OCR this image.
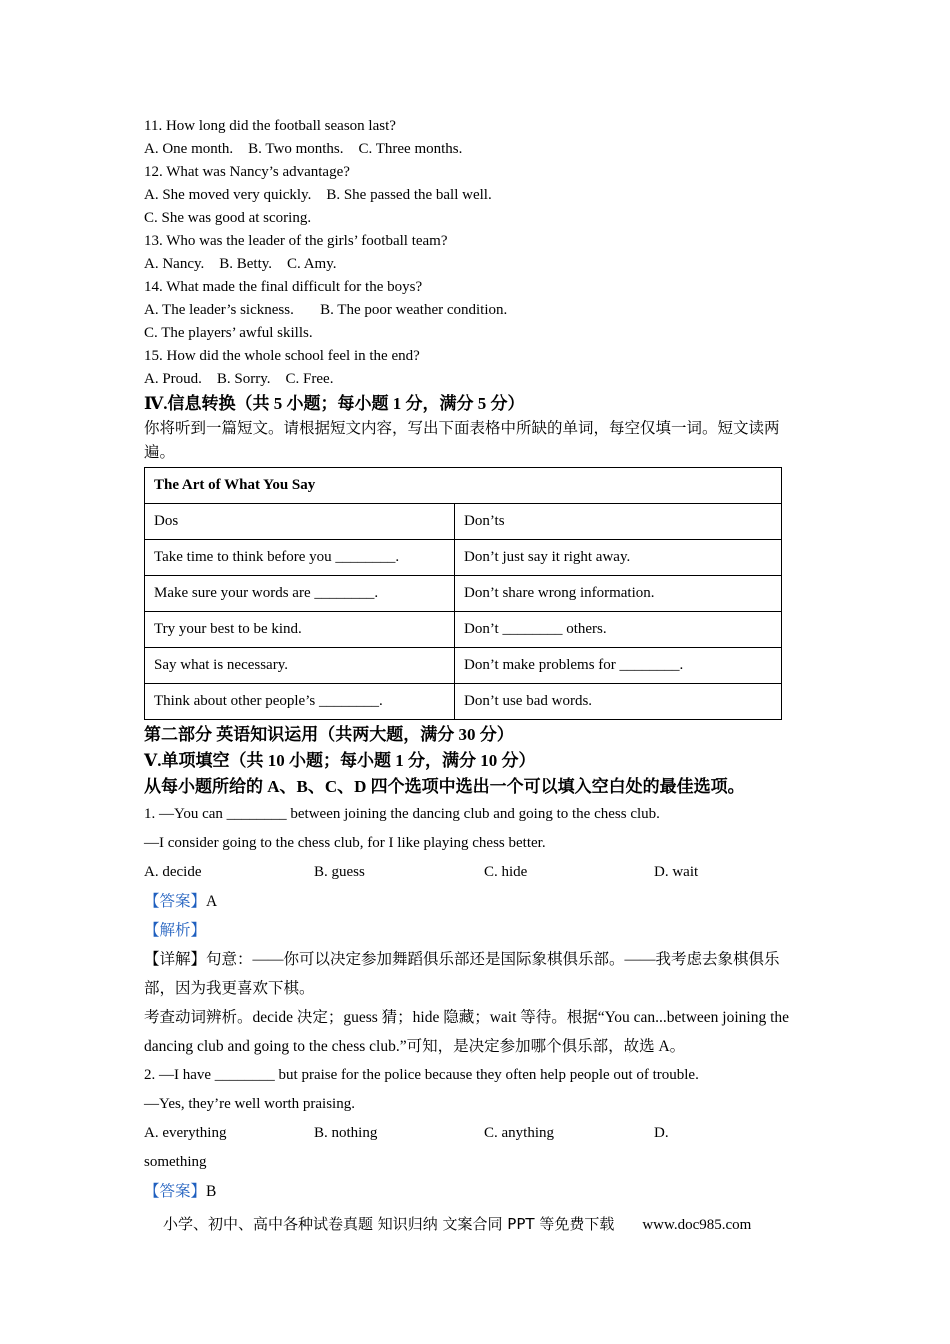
11. How long did the football season last?
A. One month.    B. Two months.    C. Three months.
12. What was Nancy’s advantage?
A. She moved very quickly.    B. She passed the ball well.
C. She was good at scoring.
13. Who was the leader of the girls’ football team?
A. Nancy.    B. Betty.    C. Amy.
14. What made the final difficult for the boys?
A. The leader’s sickness.       B. The poor weather condition.
C. The players’ awful skills.
15. How did the whole school feel in the end?
A. Proud.    B. Sorry.    C. Free.
Ⅳ.信息转换（共 5 小题；每小题 1 分，满分 5 分）
你将听到一篇短文。请根据短文内容，写出下面表格中所缺的单词，每空仅填一词。短文读两遍。
The Art of What You Say	
Dos	Don’ts
Take time to think before you ________.	Don’t just say it right away.
Make sure your words are ________.	Don’t share wrong information.
Try your best to be kind.	Don’t ________ others.
Say what is necessary.	Don’t make problems for ________.
Think about other people’s ________.	Don’t use bad words.
第二部分 英语知识运用（共两大题，满分 30 分）
Ⅴ.单项填空（共 10 小题；每小题 1 分，满分 10 分）
从每小题所给的 A、B、C、D 四个选项中选出一个可以填入空白处的最佳选项。
1. —You can ________ between joining the dancing club and going to the chess club.
—I consider going to the chess club, for I like playing chess better.
A. decide	B. guess	C. hide	D. wait
【答案】A
【解析】
【详解】句意：——你可以决定参加舞蹈俱乐部还是国际象棋俱乐部。——我考虑去象棋俱乐部，因为我更喜欢下棋。
考查动词辨析。decide 决定；guess 猜；hide 隐藏；wait 等待。根据“You can...between joining the dancing club and going to the chess club.”可知，是决定参加哪个俱乐部，故选 A。
2. —I have ________ but praise for the police because they often help people out of trouble.
—Yes, they’re well worth praising.
A. everything	B. nothing	C. anything	D.
something
【答案】B
小学、初中、高中各种试卷真题 知识归纳 文案合同 PPT 等免费下载 www.doc985.com
